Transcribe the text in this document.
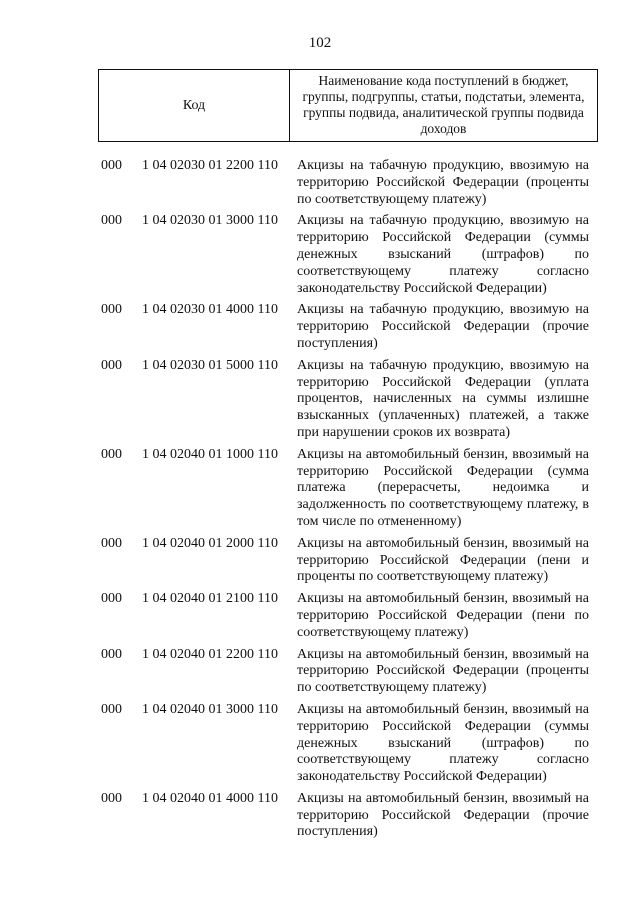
102
Код
Наименование кода поступлений в бюджет, группы, подгруппы, статьи, подстатьи, элемента, группы подвида, аналитической группы подвида доходов
000 1 04 02030 01 2200 110 Акцизы на табачную продукцию, ввозимую на территорию Российской Федерации (проценты по соответствующему платежу)
000 1 04 02030 01 3000 110 Акцизы на табачную продукцию, ввозимую на территорию Российской Федерации (суммы денежных взысканий (штрафов) по соответствующему платежу согласно законодательству Российской Федерации)
000 1 04 02030 01 4000 110 Акцизы на табачную продукцию, ввозимую на территорию Российской Федерации (прочие поступления)
000 1 04 02030 01 5000 110 Акцизы на табачную продукцию, ввозимую на территорию Российской Федерации (уплата процентов, начисленных на суммы излишне взысканных (уплаченных) платежей, а также при нарушении сроков их возврата)
000 1 04 02040 01 1000 110 Акцизы на автомобильный бензин, ввозимый на территорию Российской Федерации (сумма платежа (перерасчеты, недоимка и задолженность по соответствующему платежу, в том числе по отмененному)
000 1 04 02040 01 2000 110 Акцизы на автомобильный бензин, ввозимый на территорию Российской Федерации (пени и проценты по соответствующему платежу)
000 1 04 02040 01 2100 110 Акцизы на автомобильный бензин, ввозимый на территорию Российской Федерации (пени по соответствующему платежу)
000 1 04 02040 01 2200 110 Акцизы на автомобильный бензин, ввозимый на территорию Российской Федерации (проценты по соответствующему платежу)
000 1 04 02040 01 3000 110 Акцизы на автомобильный бензин, ввозимый на территорию Российской Федерации (суммы денежных взысканий (штрафов) по соответствующему платежу согласно законодательству Российской Федерации)
000 1 04 02040 01 4000 110 Акцизы на автомобильный бензин, ввозимый на территорию Российской Федерации (прочие поступления)
